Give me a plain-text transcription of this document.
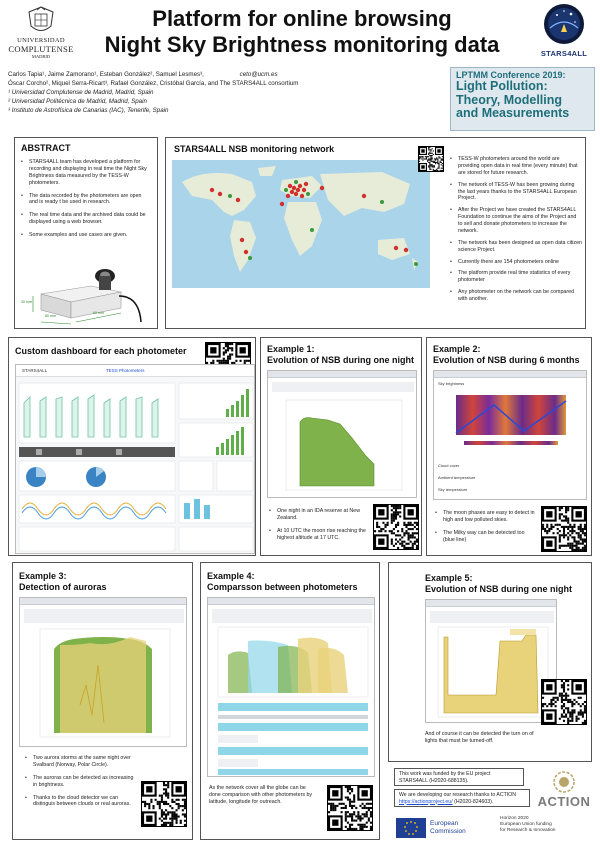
UNIVERSIDAD
COMPLUTENSE
MADRID
Platform for online browsing
Night Sky Brightness monitoring data	STARS4ALL
Carlos Tapia¹, Jaime Zamorano¹, Esteban González², Samuel Lesmes³,	ceto@ucm.es
Óscar Corcho², Miquel Serra-Ricart³, Rafael González, Cristóbal García, and The STARS4ALL consortium
¹ Universidad Complutense de Madrid, Madrid, Spain
² Universidad Politécnica de Madrid, Madrid, Spain
³ Instituto de Astrofísica de Canarias (IAC), Tenerife, Spain
LPTMM Conference 2019:
Light Pollution:
Theory, Modelling
and Measurements
ABSTRACT
• STARS4ALL team has developed a platform for recording and displaying in real time the Night Sky Brightness data measured by the TESS-W photometers.
• The data recorded by the photometers are open and is ready t be used in research.
• The real time data and the archived data could be displayed using a web browser.
• Some examples and use cases are given.
80 mm
60 mm
30 mm
STARS4ALL NSB monitoring network
• TESS-W photometers around the world are providing open data in real time (every minute) that are stored for future research.
• The network of TESS-W has been growing during the last years thanks to the STARS4ALL European Project.
• After the Project we have created the STARS4ALL Foundation to continue the aims of the Project and to sell and donate photometers to increase the network.
• The network has been designed as open data citizen science Project.
• Currently there are 154 photometers online
• The platform provide real time statistics of every photometer
• Any photometer on the network can be compared with another.
Custom dashboard for each photometer
STARS4ALL	TESS Photometers
Example 1:
Evolution of NSB during one night
• One night in an IDA reserve at New Zealand.
• At 10 UTC the moon rise reaching the highest altitude at 17 UTC.
Example 2:
Evolution of NSB during 6 months
Sky brightness
Cloud cover
Ambient temperature
Sky temperature
• The moon phases are easy to detect in high and low polluted skies.
• The Milky way can be detected too (blue line)
Example 3:
Detection of auroras
• Two aurora storms at the same night over Svalbard (Norway, Polar Circle).
• The auroras can be detected as increasing in brightness.
• Thanks to the cloud detector we can distinguis between clouds or real auroras.
Example 4:
Comparsson between photometers
As the network cover all the globe can be done comparison with other photometers by latitude, longitude for outreach.
Example 5:
Evolution of NSB during one night
And of course it can be detected the turn on of lights that must be turned-off.
This work was funded by the EU project STARS4ALL (H2020-688135).
We are developing our research thanks to ACTION https://actionproject.eu/ (H2020-824603).	ACTION
European
Commission
Horizon 2020
European Union funding
for Research & Innovation
